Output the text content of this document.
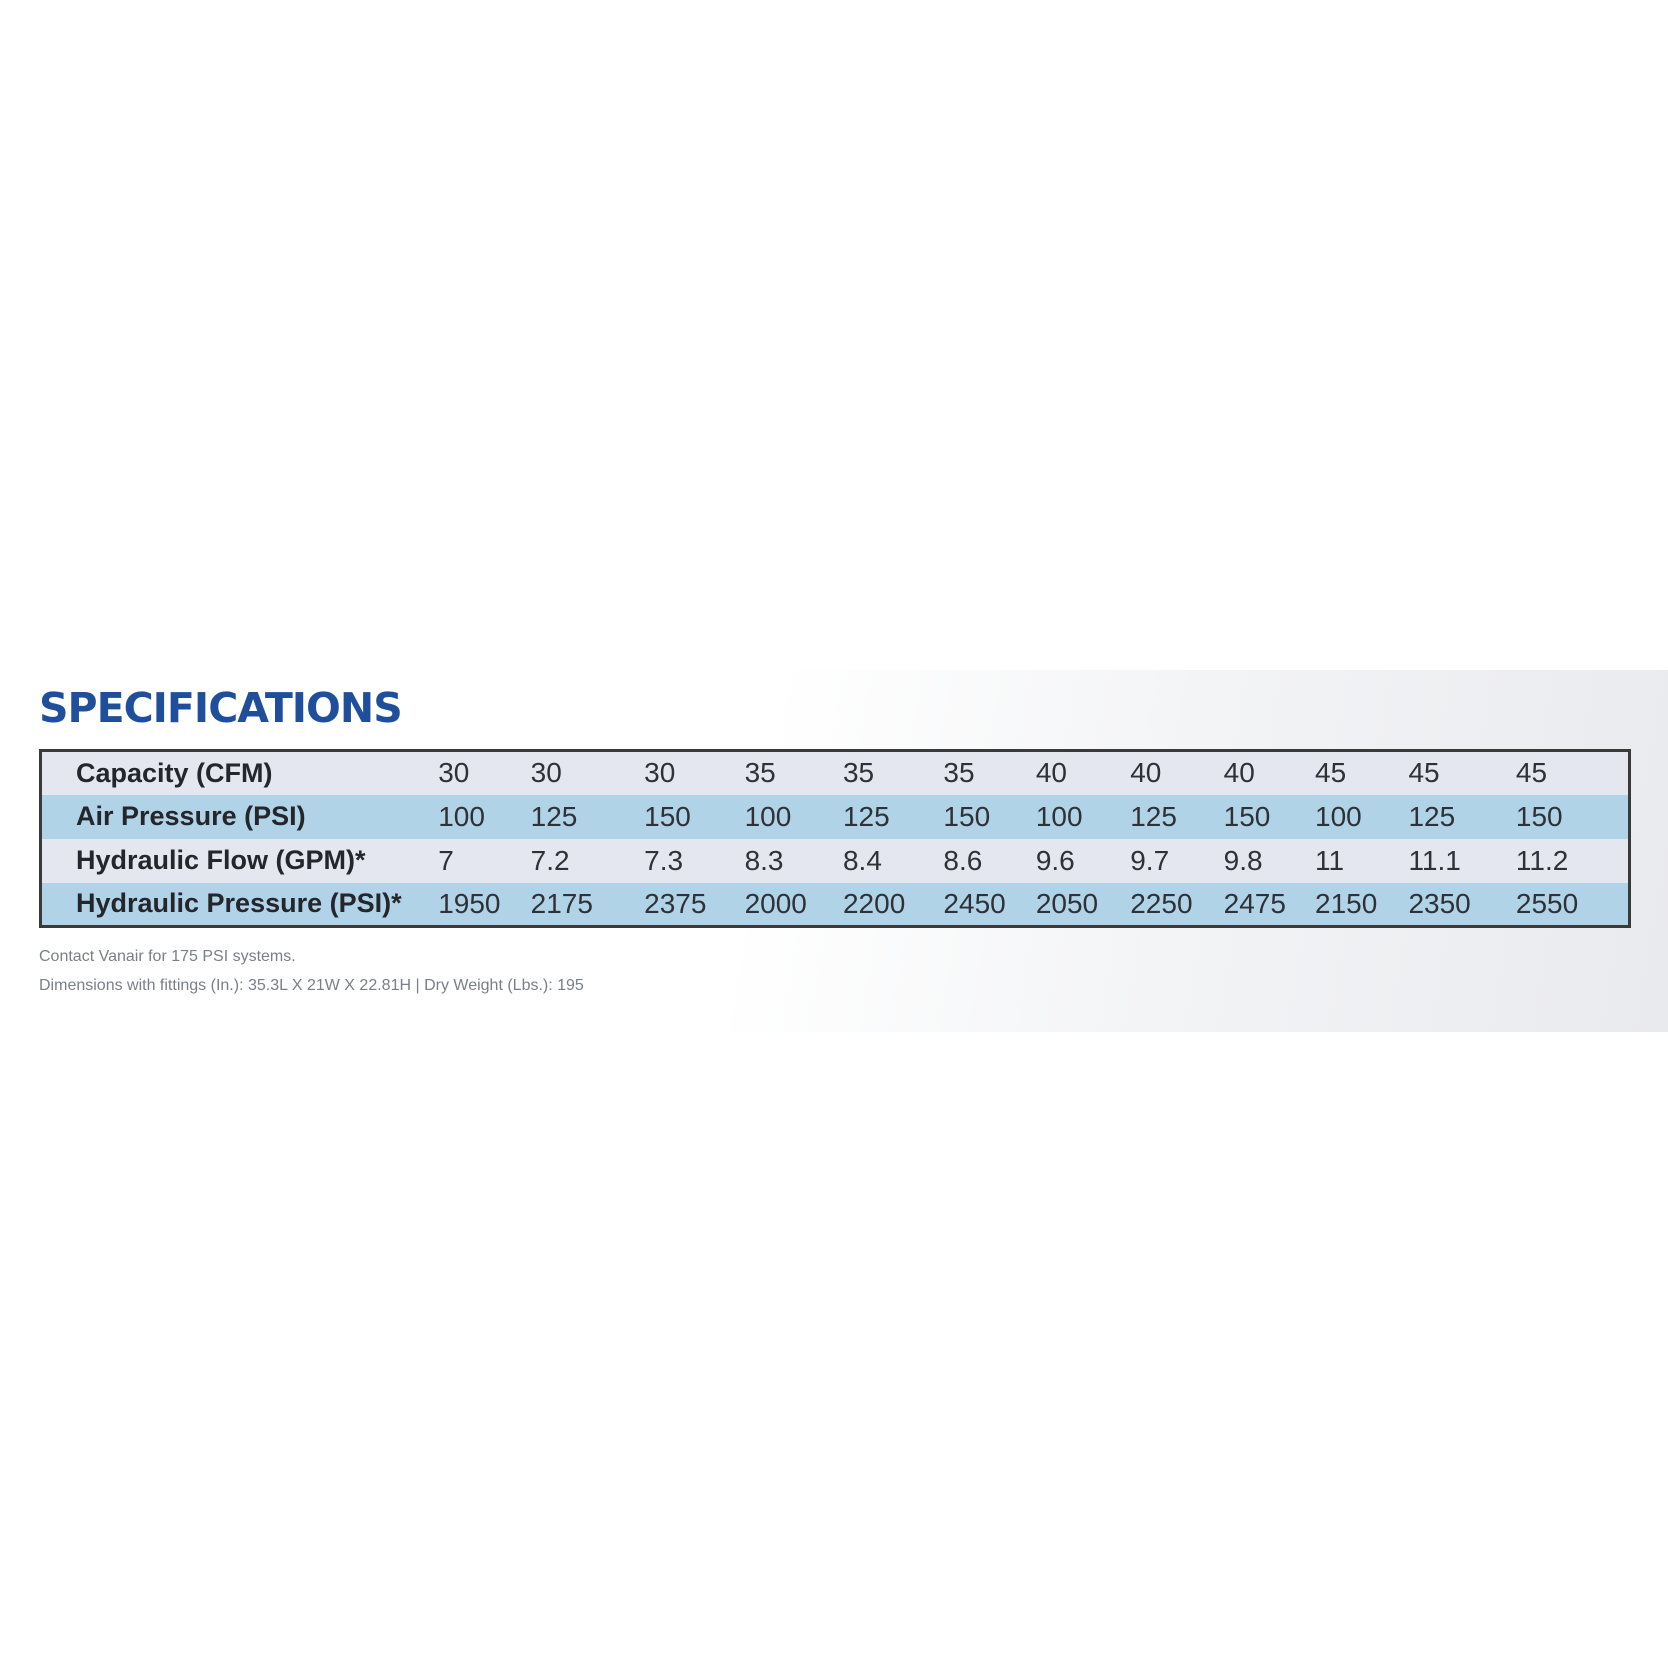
SPECIFICATIONS
Capacity (CFM)	30	30	30	35	35	35	40	40	40	45	45	45
Air Pressure (PSI)	100	125	150	100	125	150	100	125	150	100	125	150
Hydraulic Flow (GPM)*	7	7.2	7.3	8.3	8.4	8.6	9.6	9.7	9.8	11	11.1	11.2
Hydraulic Pressure (PSI)*	1950	2175	2375	2000	2200	2450	2050	2250	2475	2150	2350	2550

Contact Vanair for 175 PSI systems.

Dimensions with fittings (In.): 35.3L X 21W X 22.81H | Dry Weight (Lbs.): 195
